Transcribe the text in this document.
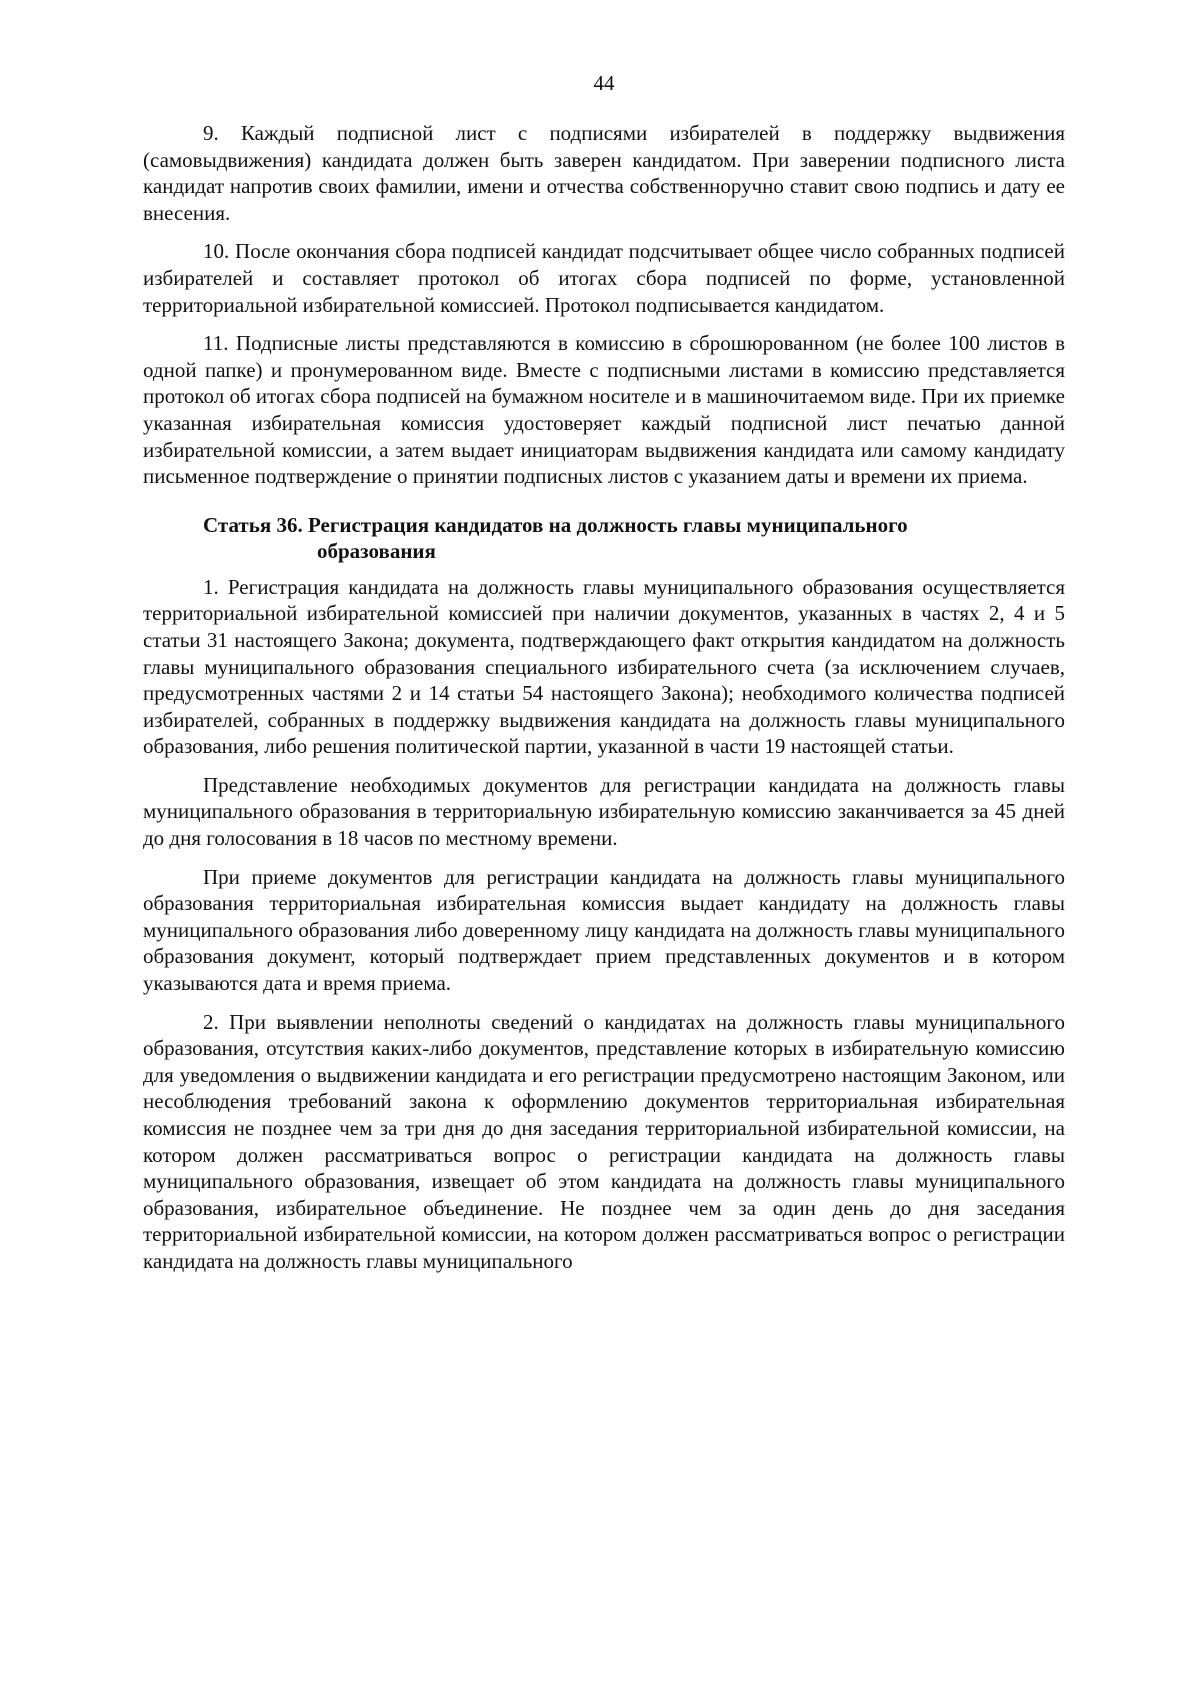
44

9. Каждый подписной лист с подписями избирателей в поддержку выдвижения (самовыдвижения) кандидата должен быть заверен кандидатом. При заверении подписного листа кандидат напротив своих фамилии, имени и отчества собственноручно ставит свою подпись и дату ее внесения.

10. После окончания сбора подписей кандидат подсчитывает общее число собранных подписей избирателей и составляет протокол об итогах сбора подписей по форме, установленной территориальной избирательной комиссией. Протокол подписывается кандидатом.

11. Подписные листы представляются в комиссию в сброшюрованном (не более 100 листов в одной папке) и пронумерованном виде. Вместе с подписными листами в комиссию представляется протокол об итогах сбора подписей на бумажном носителе и в машиночитаемом виде. При их приемке указанная избирательная комиссия удостоверяет каждый подписной лист печатью данной избирательной комиссии, а затем выдает инициаторам выдвижения кандидата или самому кандидату письменное подтверждение о принятии подписных листов с указанием даты и времени их приема.

Статья 36. Регистрация кандидатов на должность главы муниципального
образования

1. Регистрация кандидата на должность главы муниципального образования осуществляется территориальной избирательной комиссией при наличии документов, указанных в частях 2, 4 и 5 статьи 31 настоящего Закона; документа, подтверждающего факт открытия кандидатом на должность главы муниципального образования специального избирательного счета (за исключением случаев, предусмотренных частями 2 и 14 статьи 54 настоящего Закона); необходимого количества подписей избирателей, собранных в поддержку выдвижения кандидата на должность главы муниципального образования, либо решения политической партии, указанной в части 19 настоящей статьи.

Представление необходимых документов для регистрации кандидата на должность главы муниципального образования в территориальную избирательную комиссию заканчивается за 45 дней до дня голосования в 18 часов по местному времени.

При приеме документов для регистрации кандидата на должность главы муниципального образования территориальная избирательная комиссия выдает кандидату на должность главы муниципального образования либо доверенному лицу кандидата на должность главы муниципального образования документ, который подтверждает прием представленных документов и в котором указываются дата и время приема.

2. При выявлении неполноты сведений о кандидатах на должность главы муниципального образования, отсутствия каких-либо документов, представление которых в избирательную комиссию для уведомления о выдвижении кандидата и его регистрации предусмотрено настоящим Законом, или несоблюдения требований закона к оформлению документов территориальная избирательная комиссия не позднее чем за три дня до дня заседания территориальной избирательной комиссии, на котором должен рассматриваться вопрос о регистрации кандидата на должность главы муниципального образования, извещает об этом кандидата на должность главы муниципального образования, избирательное объединение. Не позднее чем за один день до дня заседания территориальной избирательной комиссии, на котором должен рассматриваться вопрос о регистрации кандидата на должность главы муниципального
